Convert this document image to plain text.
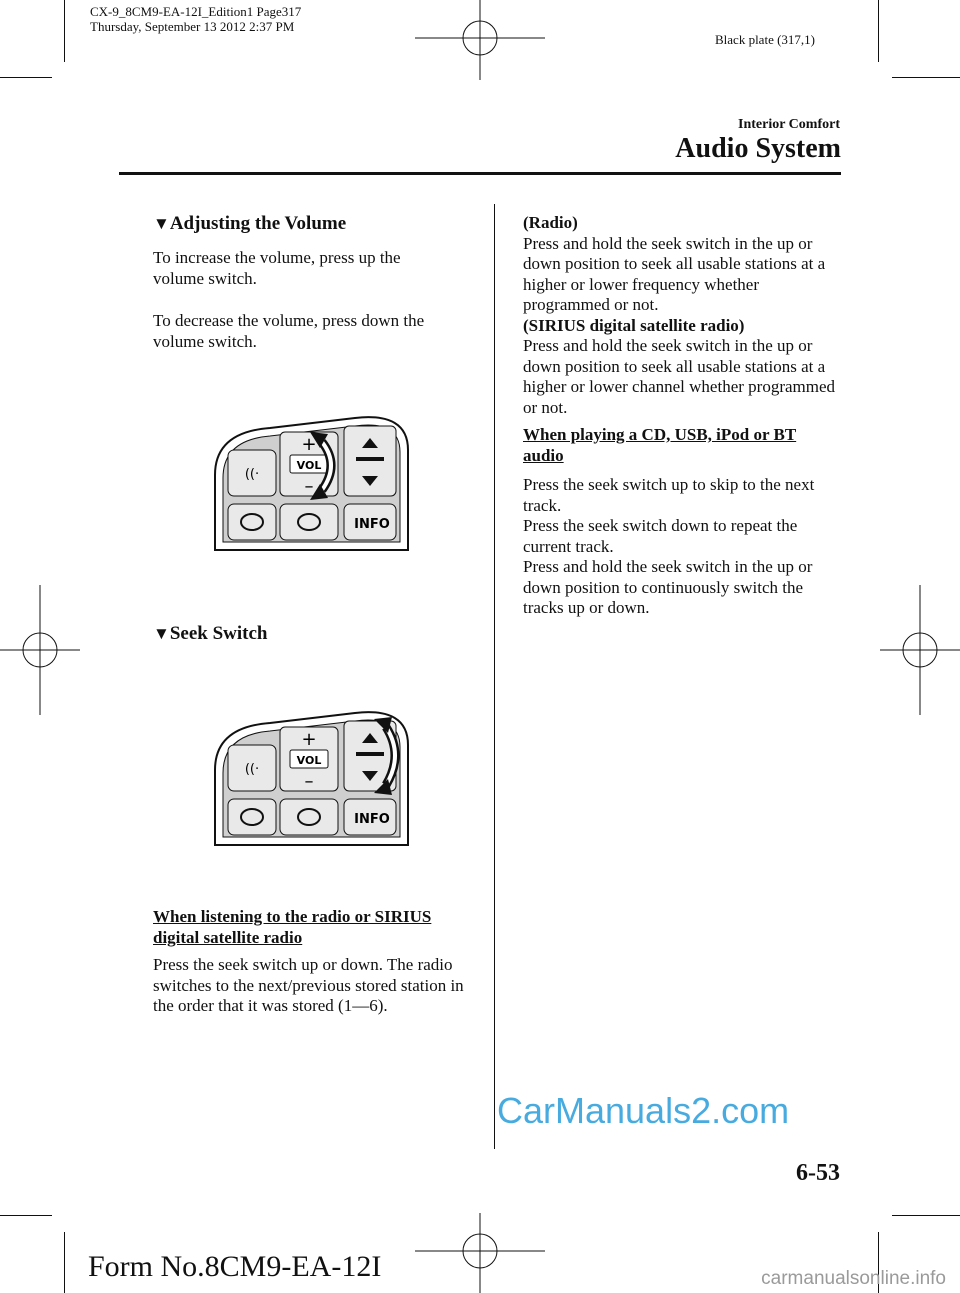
CX-9_8CM9-EA-12I_Edition1 Page317
Thursday, September 13 2012 2:37 PM
Black plate (317,1)
Interior Comfort
Audio System
▼Adjusting the Volume

To increase the volume, press up the volume switch.

To decrease the volume, press down the volume switch.

((·
+
VOL
–
INFO
▼Seek Switch
((·
+
VOL
–
INFO

When listening to the radio or SIRIUS digital satellite radio

Press the seek switch up or down. The radio switches to the next/previous stored station in the order that it was stored (1―6).

(Radio)

Press and hold the seek switch in the up or down position to seek all usable stations at a higher or lower frequency whether programmed or not.

(SIRIUS digital satellite radio)

Press and hold the seek switch in the up or down position to seek all usable stations at a higher or lower channel whether programmed or not.

When playing a CD, USB, iPod or BT audio

Press the seek switch up to skip to the next track.

Press the seek switch down to repeat the current track.

Press and hold the seek switch in the up or down position to continuously switch the tracks up or down.

CarManuals2.com
6-53
Form No.8CM9-EA-12I	carmanualsonline.info
